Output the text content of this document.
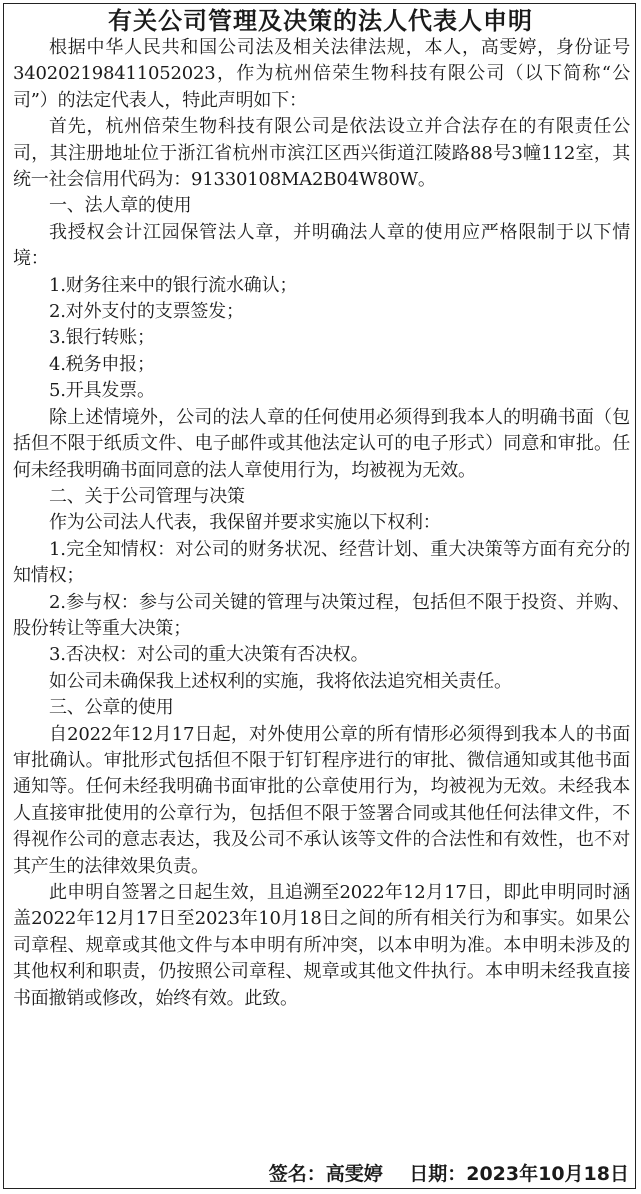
有关公司管理及决策的法人代表人申明

根据中华人民共和国公司法及相关法律法规，本人，高雯婷，身份证号340202198411052023，作为杭州倍荣生物科技有限公司（以下简称“公司”）的法定代表人，特此声明如下：

首先，杭州倍荣生物科技有限公司是依法设立并合法存在的有限责任公司，其注册地址位于浙江省杭州市滨江区西兴街道江陵路88号3幢112室，其统一社会信用代码为：91330108MA2B04W80W。

一、法人章的使用

我授权会计江园保管法人章，并明确法人章的使用应严格限制于以下情境：

1.财务往来中的银行流水确认；

2.对外支付的支票签发；

3.银行转账；

4.税务申报；

5.开具发票。

除上述情境外，公司的法人章的任何使用必须得到我本人的明确书面（包括但不限于纸质文件、电子邮件或其他法定认可的电子形式）同意和审批。任何未经我明确书面同意的法人章使用行为，均被视为无效。

二、关于公司管理与决策

作为公司法人代表，我保留并要求实施以下权利：

1.完全知情权：对公司的财务状况、经营计划、重大决策等方面有充分的知情权；

2.参与权：参与公司关键的管理与决策过程，包括但不限于投资、并购、股份转让等重大决策；

3.否决权：对公司的重大决策有否决权。

如公司未确保我上述权利的实施，我将依法追究相关责任。

三、公章的使用

自2022年12月17日起，对外使用公章的所有情形必须得到我本人的书面审批确认。审批形式包括但不限于钉钉程序进行的审批、微信通知或其他书面通知等。任何未经我明确书面审批的公章使用行为，均被视为无效。未经我本人直接审批使用的公章行为，包括但不限于签署合同或其他任何法律文件，不得视作公司的意志表达，我及公司不承认该等文件的合法性和有效性，也不对其产生的法律效果负责。

此申明自签署之日起生效，且追溯至2022年12月17日，即此申明同时涵盖2022年12月17日至2023年10月18日之间的所有相关行为和事实。如果公司章程、规章或其他文件与本申明有所冲突，以本申明为准。本申明未涉及的其他权利和职责，仍按照公司章程、规章或其他文件执行。本申明未经我直接书面撤销或修改，始终有效。此致。

签名：高雯婷 日期：2023年10月18日
